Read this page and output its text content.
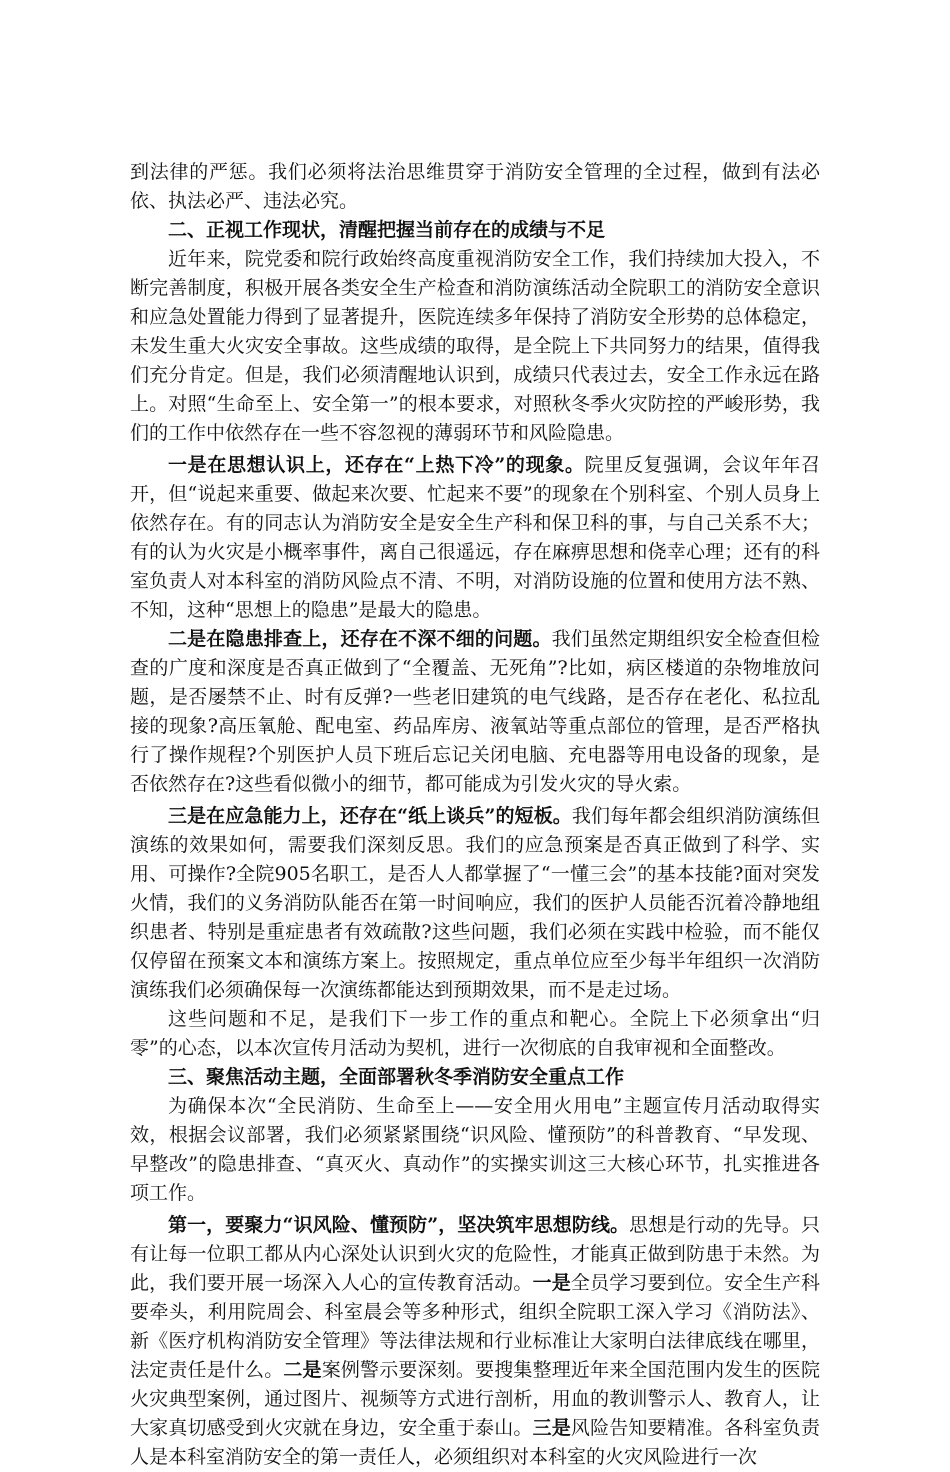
到法律的严惩。我们必须将法治思维贯穿于消防安全管理的全过程，做到有法必依、执法必严、违法必究。

二、正视工作现状，清醒把握当前存在的成绩与不足

近年来，院党委和院行政始终高度重视消防安全工作，我们持续加大投入，不断完善制度，积极开展各类安全生产检查和消防演练活动全院职工的消防安全意识和应急处置能力得到了显著提升，医院连续多年保持了消防安全形势的总体稳定，未发生重大火灾安全事故。这些成绩的取得，是全院上下共同努力的结果，值得我们充分肯定。但是，我们必须清醒地认识到，成绩只代表过去，安全工作永远在路上。对照“生命至上、安全第一”的根本要求，对照秋冬季火灾防控的严峻形势，我们的工作中依然存在一些不容忽视的薄弱环节和风险隐患。

一是在思想认识上，还存在“上热下冷”的现象。院里反复强调，会议年年召开，但“说起来重要、做起来次要、忙起来不要”的现象在个别科室、个别人员身上依然存在。有的同志认为消防安全是安全生产科和保卫科的事，与自己关系不大；有的认为火灾是小概率事件，离自己很遥远，存在麻痹思想和侥幸心理；还有的科室负责人对本科室的消防风险点不清、不明，对消防设施的位置和使用方法不熟、不知，这种“思想上的隐患”是最大的隐患。

二是在隐患排查上，还存在不深不细的问题。我们虽然定期组织安全检查但检查的广度和深度是否真正做到了“全覆盖、无死角”?比如，病区楼道的杂物堆放问题，是否屡禁不止、时有反弹?一些老旧建筑的电气线路，是否存在老化、私拉乱接的现象?高压氧舱、配电室、药品库房、液氧站等重点部位的管理，是否严格执行了操作规程?个别医护人员下班后忘记关闭电脑、充电器等用电设备的现象，是否依然存在?这些看似微小的细节，都可能成为引发火灾的导火索。

三是在应急能力上，还存在“纸上谈兵”的短板。我们每年都会组织消防演练但演练的效果如何，需要我们深刻反思。我们的应急预案是否真正做到了科学、实用、可操作?全院905名职工，是否人人都掌握了“一懂三会”的基本技能?面对突发火情，我们的义务消防队能否在第一时间响应，我们的医护人员能否沉着冷静地组织患者、特别是重症患者有效疏散?这些问题，我们必须在实践中检验，而不能仅仅停留在预案文本和演练方案上。按照规定，重点单位应至少每半年组织一次消防演练我们必须确保每一次演练都能达到预期效果，而不是走过场。

这些问题和不足，是我们下一步工作的重点和靶心。全院上下必须拿出“归零”的心态，以本次宣传月活动为契机，进行一次彻底的自我审视和全面整改。

三、聚焦活动主题，全面部署秋冬季消防安全重点工作

为确保本次“全民消防、生命至上——安全用火用电”主题宣传月活动取得实效，根据会议部署，我们必须紧紧围绕“识风险、懂预防”的科普教育、“早发现、早整改”的隐患排查、“真灭火、真动作”的实操实训这三大核心环节，扎实推进各项工作。

第一，要聚力“识风险、懂预防”，坚决筑牢思想防线。思想是行动的先导。只有让每一位职工都从内心深处认识到火灾的危险性，才能真正做到防患于未然。为此，我们要开展一场深入人心的宣传教育活动。一是全员学习要到位。安全生产科要牵头，利用院周会、科室晨会等多种形式，组织全院职工深入学习《消防法》、新《医疗机构消防安全管理》等法律法规和行业标准让大家明白法律底线在哪里，法定责任是什么。二是案例警示要深刻。要搜集整理近年来全国范围内发生的医院火灾典型案例，通过图片、视频等方式进行剖析，用血的教训警示人、教育人，让大家真切感受到火灾就在身边，安全重于泰山。三是风险告知要精准。各科室负责人是本科室消防安全的第一责任人，必须组织对本科室的火灾风险进行一次
